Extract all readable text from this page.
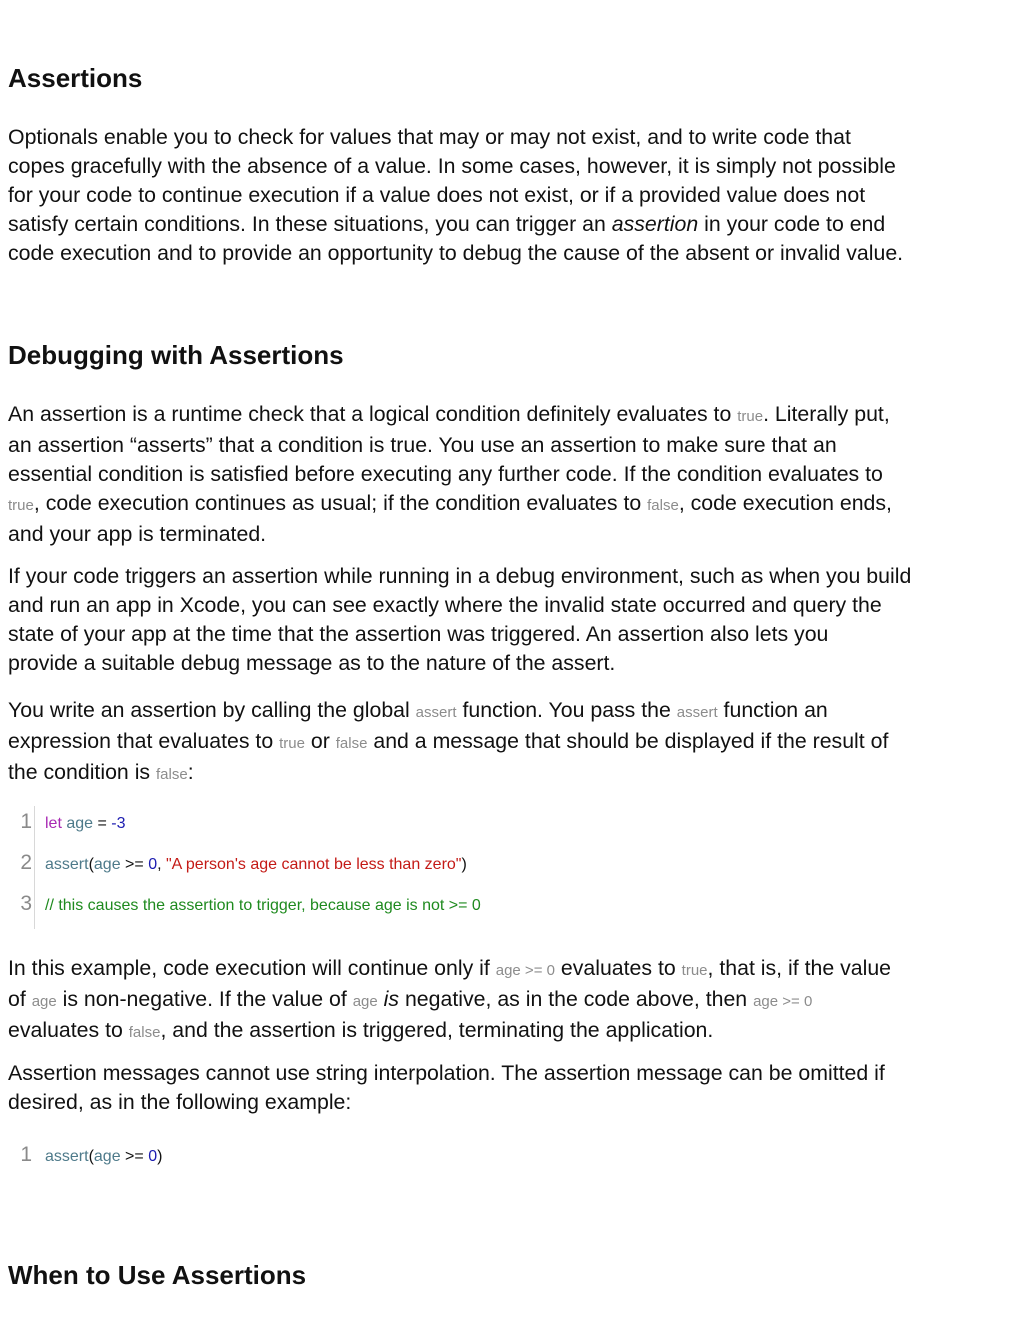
Assertions

Optionals enable you to check for values that may or may not exist, and to write code that
copes gracefully with the absence of a value. In some cases, however, it is simply not possible
for your code to continue execution if a value does not exist, or if a provided value does not
satisfy certain conditions. In these situations, you can trigger an assertion in your code to end
code execution and to provide an opportunity to debug the cause of the absent or invalid value.

Debugging with Assertions

An assertion is a runtime check that a logical condition definitely evaluates to true. Literally put,
an assertion “asserts” that a condition is true. You use an assertion to make sure that an
essential condition is satisfied before executing any further code. If the condition evaluates to
true, code execution continues as usual; if the condition evaluates to false, code execution ends,
and your app is terminated.

If your code triggers an assertion while running in a debug environment, such as when you build
and run an app in Xcode, you can see exactly where the invalid state occurred and query the
state of your app at the time that the assertion was triggered. An assertion also lets you
provide a suitable debug message as to the nature of the assert.

You write an assertion by calling the global assert function. You pass the assert function an
expression that evaluates to true or false and a message that should be displayed if the result of
the condition is false:

1 let age = -3
2 assert(age >= 0, "A person's age cannot be less than zero")
3 // this causes the assertion to trigger, because age is not >= 0

In this example, code execution will continue only if age >= 0 evaluates to true, that is, if the value
of age is non-negative. If the value of age is negative, as in the code above, then age >= 0
evaluates to false, and the assertion is triggered, terminating the application.

Assertion messages cannot use string interpolation. The assertion message can be omitted if
desired, as in the following example:

1 assert(age >= 0)
When to Use Assertions
